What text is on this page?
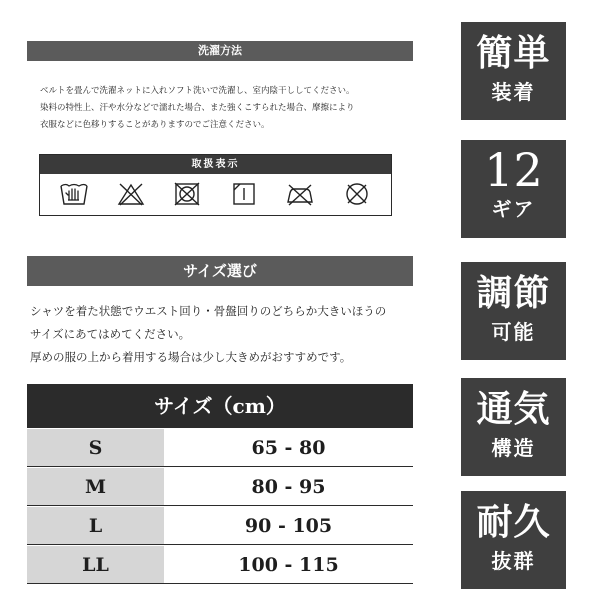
洗濯方法
ベルトを畳んで洗濯ネットに入れソフト洗いで洗濯し、室内陰干ししてください。
染料の特性上、汗や水分などで濡れた場合、また強くこすられた場合、摩擦により
衣服などに色移りすることがありますのでご注意ください。
取扱表示
サイズ選び
シャツを着た状態でウエスト回り・骨盤回りのどちらか大きいほうの
サイズにあてはめてください。
厚めの服の上から着用する場合は少し大きめがおすすめです。
サイズ（cm）
S	65 - 80
M	80 - 95
L	90 - 105
LL	100 - 115
簡単
装着
12
ギア
調節
可能
通気
構造
耐久
抜群
